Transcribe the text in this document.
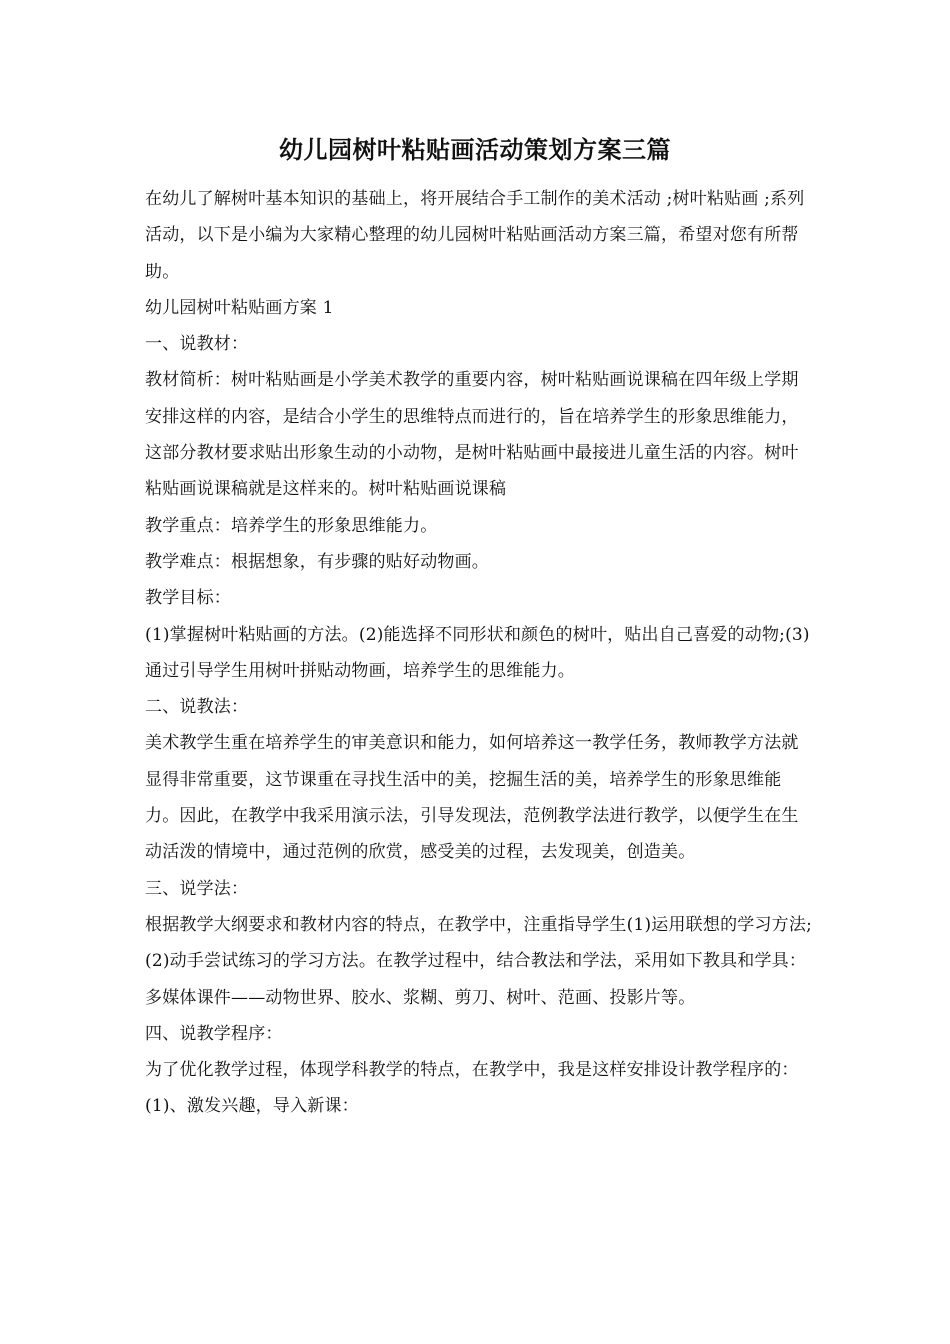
幼儿园树叶粘贴画活动策划方案三篇

在幼儿了解树叶基本知识的基础上，将开展结合手工制作的美术活动 ;树叶粘贴画 ;系列活动，以下是小编为大家精心整理的幼儿园树叶粘贴画活动方案三篇，希望对您有所帮助。

幼儿园树叶粘贴画方案 1

一、说教材：

教材简析：树叶粘贴画是小学美术教学的重要内容，树叶粘贴画说课稿在四年级上学期安排这样的内容，是结合小学生的思维特点而进行的，旨在培养学生的形象思维能力，这部分教材要求贴出形象生动的小动物，是树叶粘贴画中最接进儿童生活的内容。树叶粘贴画说课稿就是这样来的。树叶粘贴画说课稿

教学重点：培养学生的形象思维能力。

教学难点：根据想象，有步骤的贴好动物画。

教学目标：

(1)掌握树叶粘贴画的方法。(2)能选择不同形状和颜色的树叶，贴出自己喜爱的动物;(3)通过引导学生用树叶拼贴动物画，培养学生的思维能力。

二、说教法：

美术教学生重在培养学生的审美意识和能力，如何培养这一教学任务，教师教学方法就显得非常重要，这节课重在寻找生活中的美，挖掘生活的美，培养学生的形象思维能力。因此，在教学中我采用演示法，引导发现法，范例教学法进行教学，以便学生在生动活泼的情境中，通过范例的欣赏，感受美的过程，去发现美，创造美。

三、说学法：

根据教学大纲要求和教材内容的特点，在教学中，注重指导学生(1)运用联想的学习方法;(2)动手尝试练习的学习方法。在教学过程中，结合教法和学法，采用如下教具和学具：多媒体课件——动物世界、胶水、浆糊、剪刀、树叶、范画、投影片等。

四、说教学程序：

为了优化教学过程，体现学科教学的特点，在教学中，我是这样安排设计教学程序的：

(1)、激发兴趣，导入新课：
